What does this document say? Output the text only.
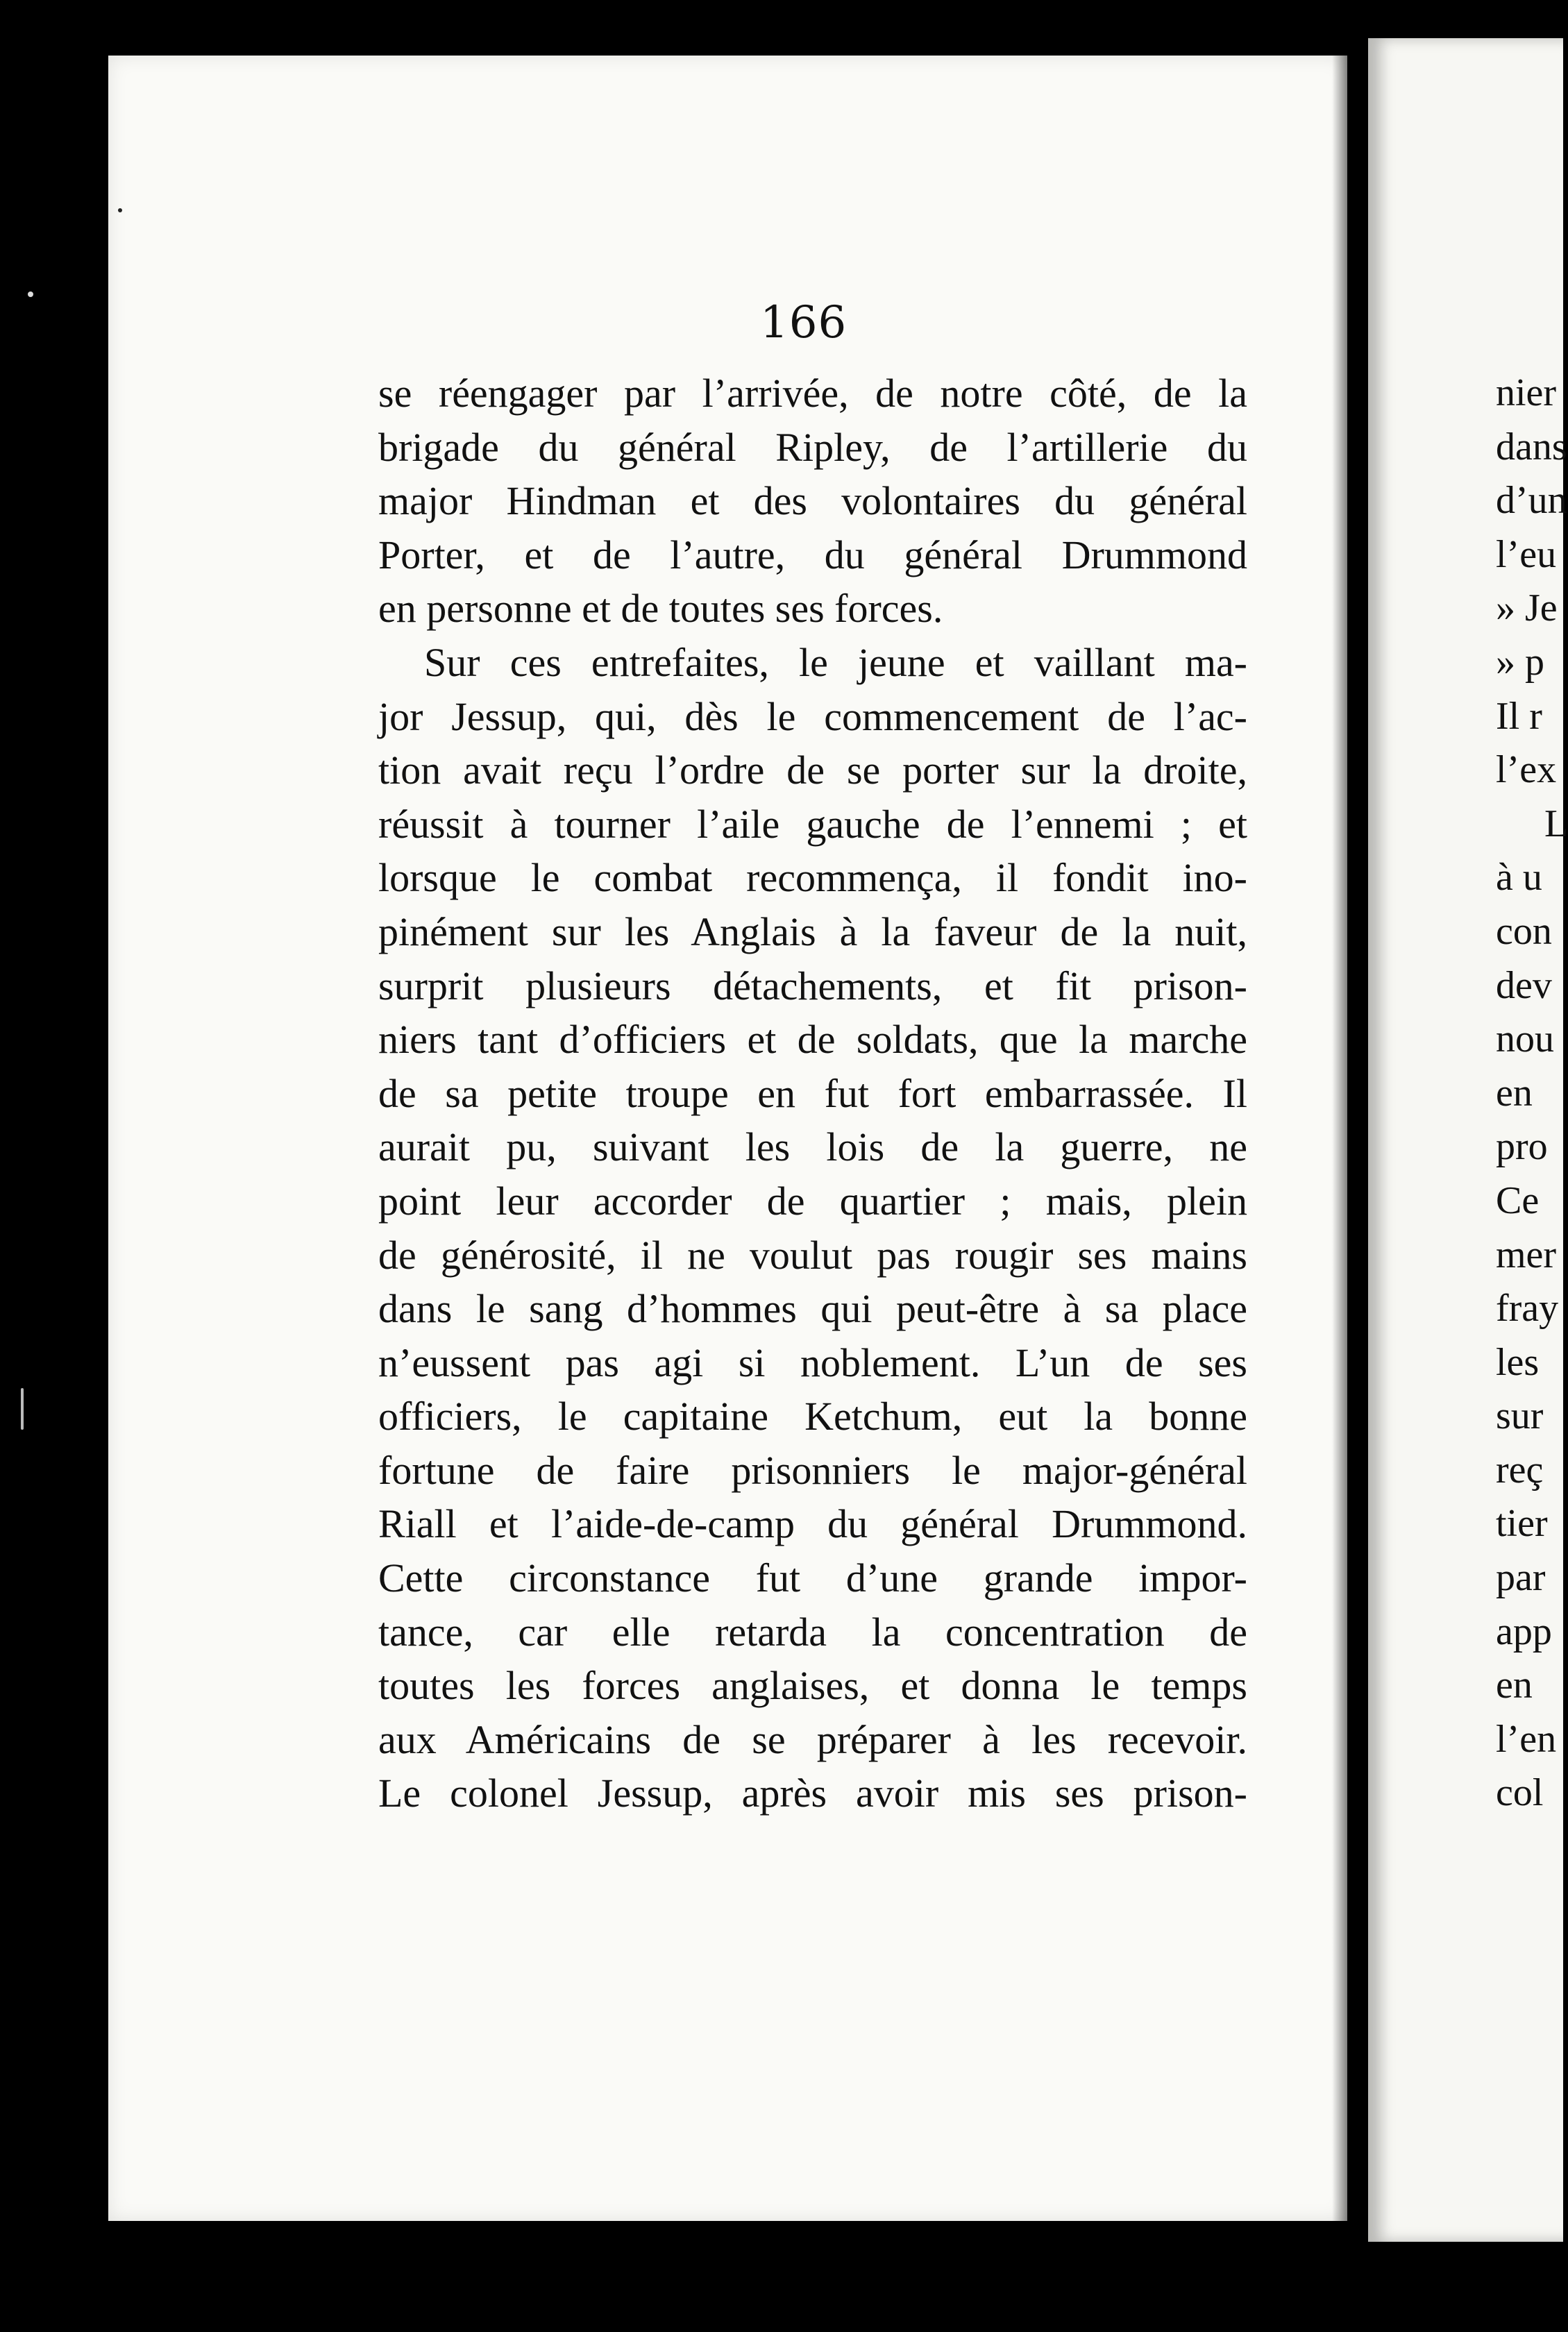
166
se réengager par l’arrivée, de notre côté, de la
brigade du général Ripley, de l’artillerie du
major Hindman et des volontaires du général
Porter, et de l’autre, du général Drummond
en personne et de toutes ses forces.
Sur ces entrefaites, le jeune et vaillant ma-
jor Jessup, qui, dès le commencement de l’ac-
tion avait reçu l’ordre de se porter sur la droite,
réussit à tourner l’aile gauche de l’ennemi ; et
lorsque le combat recommença, il fondit ino-
pinément sur les Anglais à la faveur de la nuit,
surprit plusieurs détachements, et fit prison-
niers tant d’officiers et de soldats, que la marche
de sa petite troupe en fut fort embarrassée. Il
aurait pu, suivant les lois de la guerre, ne
point leur accorder de quartier ; mais, plein
de générosité, il ne voulut pas rougir ses mains
dans le sang d’hommes qui peut-être à sa place
n’eussent pas agi si noblement. L’un de ses
officiers, le capitaine Ketchum, eut la bonne
fortune de faire prisonniers le major-général
Riall et l’aide-de-camp du général Drummond.
Cette circonstance fut d’une grande impor-
tance, car elle retarda la concentration de
toutes les forces anglaises, et donna le temps
aux Américains de se préparer à les recevoir.
Le colonel Jessup, après avoir mis ses prison-
nier
dans
d’un
l’eu
» Je
» p
Il r
l’ex
L
à u
con
dev
nou
en
pro
Ce
mer
fray
les
sur
reç
tier
par
app
en
l’en
col
